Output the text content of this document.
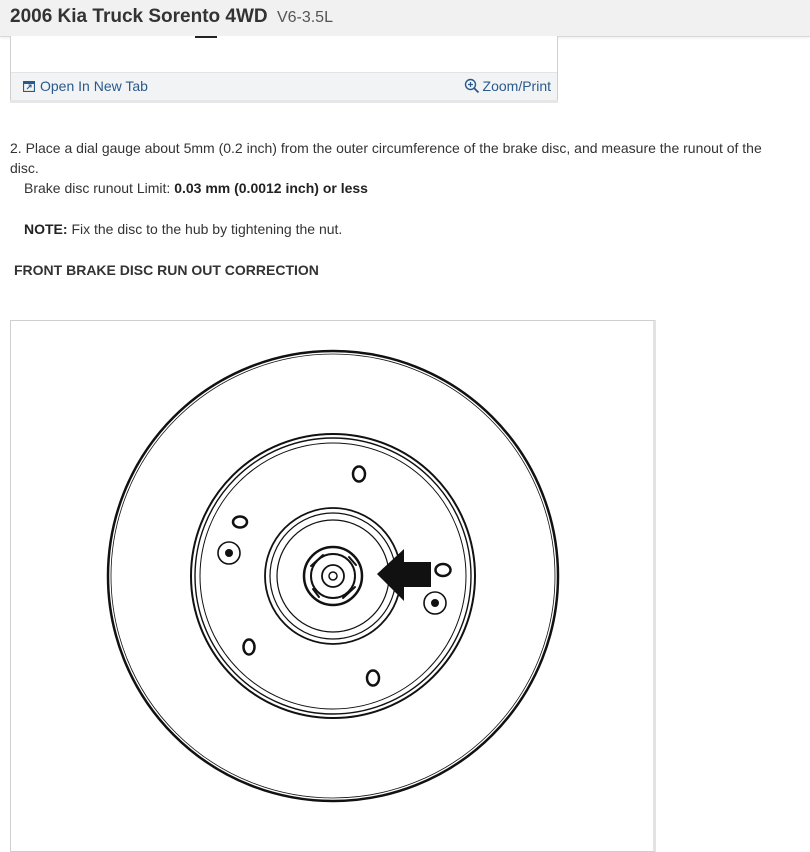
2006 Kia Truck Sorento 4WD V6-3.5L
Open In New Tab	Zoom/Print
2. Place a dial gauge about 5mm (0.2 inch) from the outer circumference of the brake disc, and measure the runout of the disc.
Brake disc runout Limit: 0.03 mm (0.0012 inch) or less
NOTE: Fix the disc to the hub by tightening the nut.
FRONT BRAKE DISC RUN OUT CORRECTION
